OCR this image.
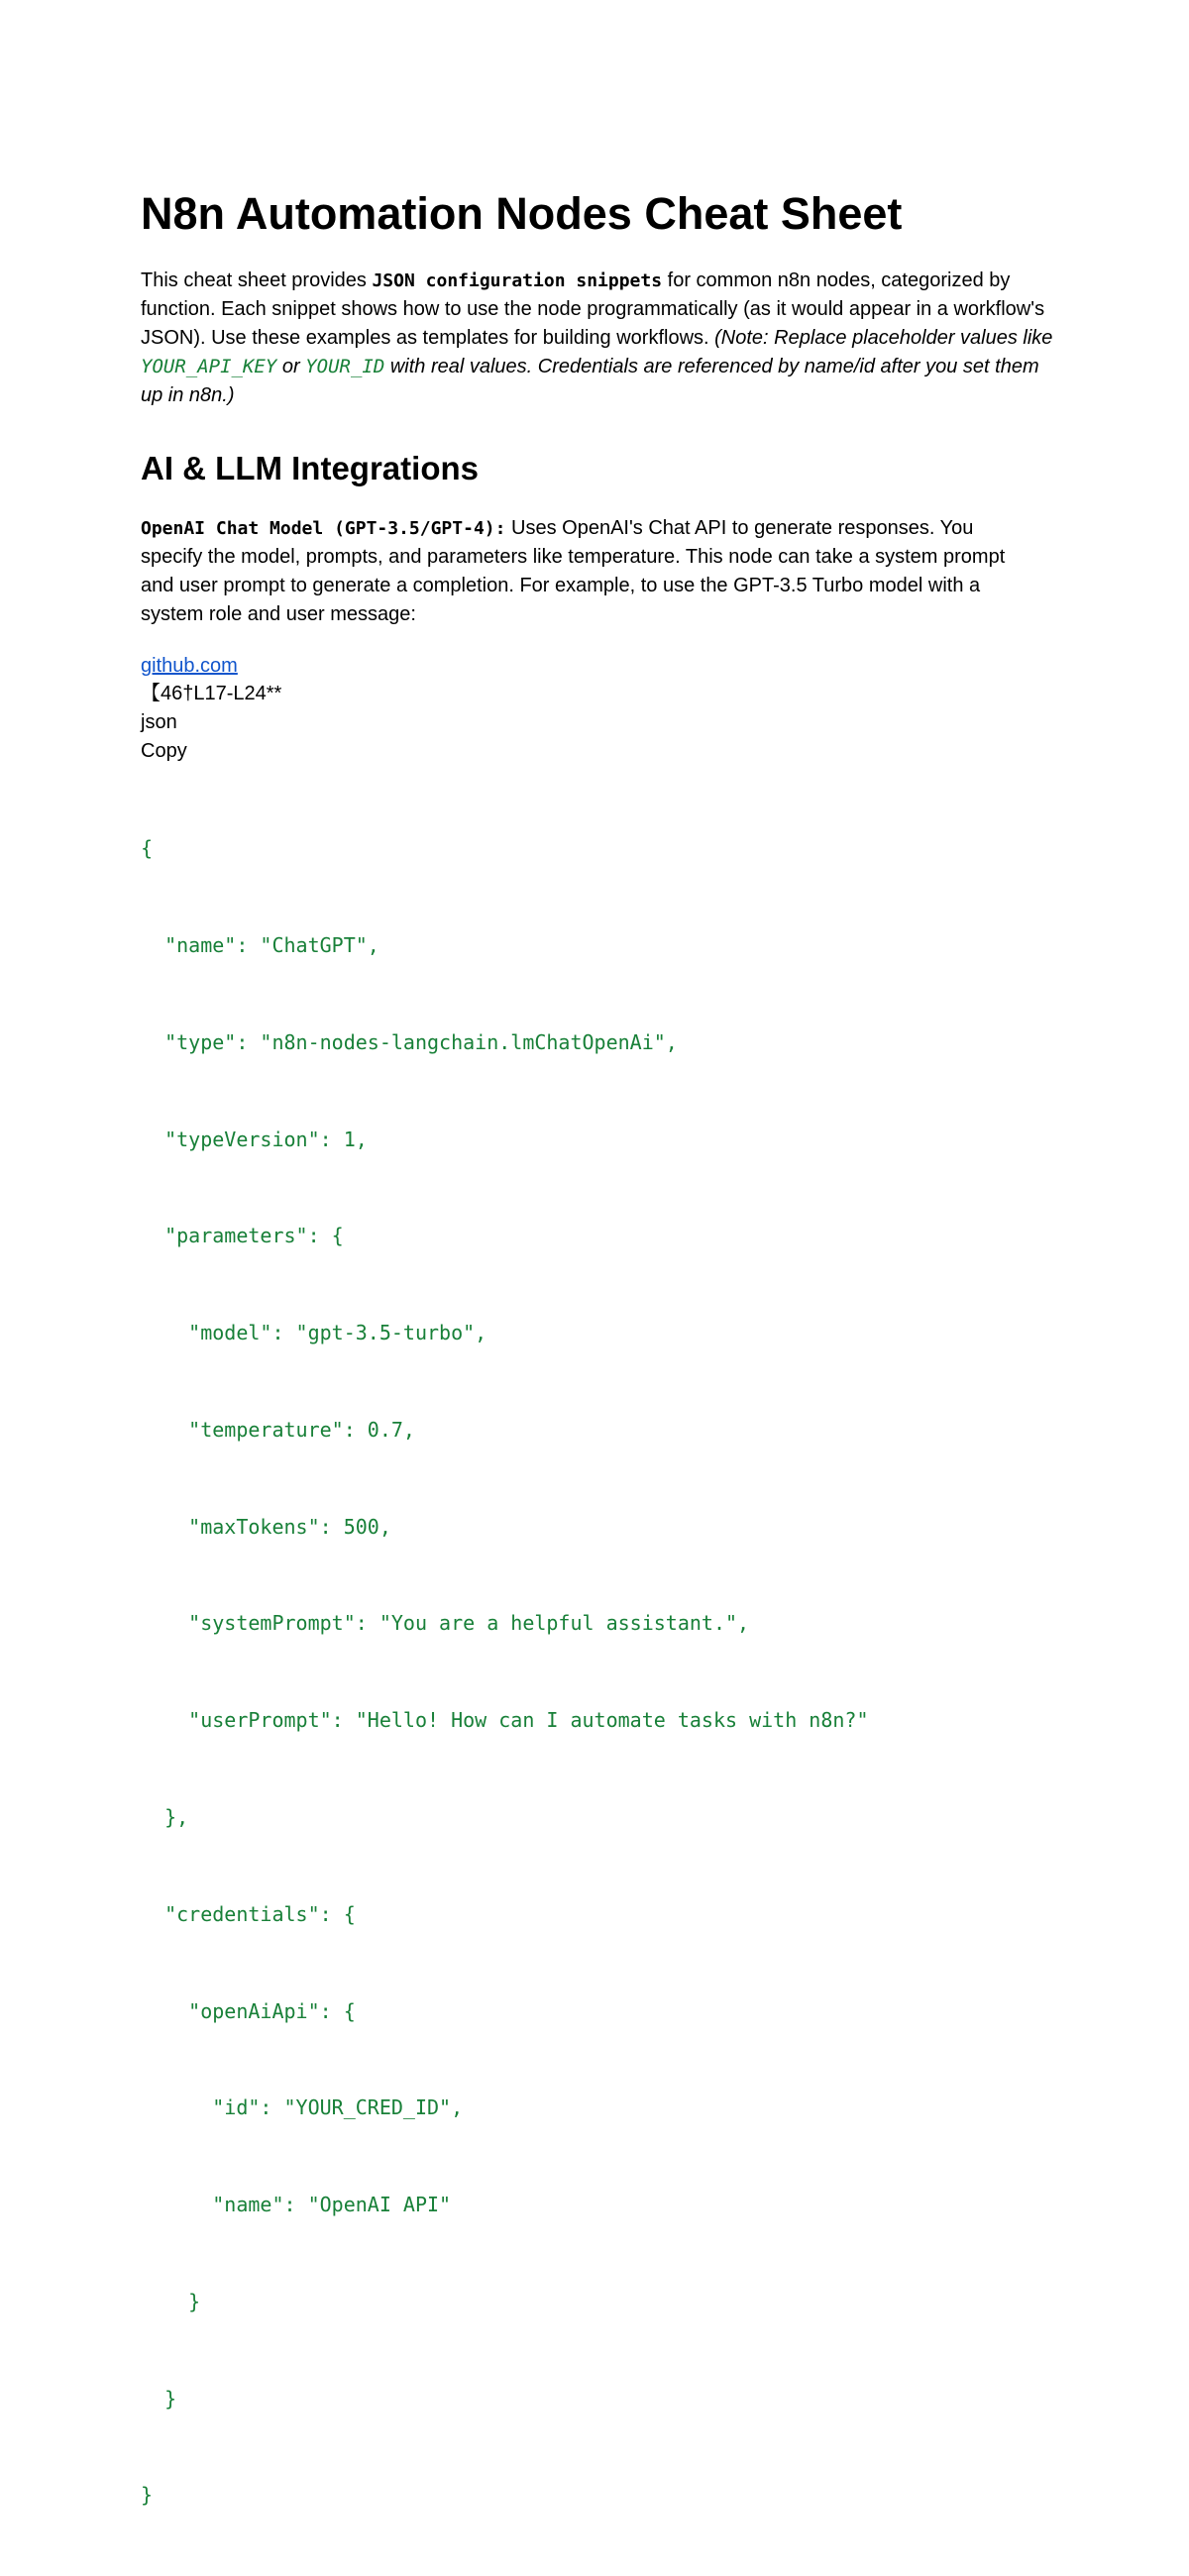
N8n Automation Nodes Cheat Sheet

This cheat sheet provides JSON configuration snippets for common n8n nodes, categorized by function. Each snippet shows how to use the node programmatically (as it would appear in a workflow's JSON). Use these examples as templates for building workflows. (Note: Replace placeholder values like YOUR_API_KEY or YOUR_ID with real values. Credentials are referenced by name/id after you set them up in n8n.)

AI & LLM Integrations

OpenAI Chat Model (GPT-3.5/GPT-4): Uses OpenAI's Chat API to generate responses. You specify the model, prompts, and parameters like temperature. This node can take a system prompt and user prompt to generate a completion. For example, to use the GPT-3.5 Turbo model with a system role and user message:

github.com
【46†L17-L24**
json
Copy

{

"name": "ChatGPT",

"type": "n8n-nodes-langchain.lmChatOpenAi",

"typeVersion": 1,

"parameters": {

"model": "gpt-3.5-turbo",

"temperature": 0.7,

"maxTokens": 500,

"systemPrompt": "You are a helpful assistant.",

"userPrompt": "Hello! How can I automate tasks with n8n?"

},

"credentials": {

"openAiApi": {

"id": "YOUR_CRED_ID",

"name": "OpenAI API"

}

}

}
